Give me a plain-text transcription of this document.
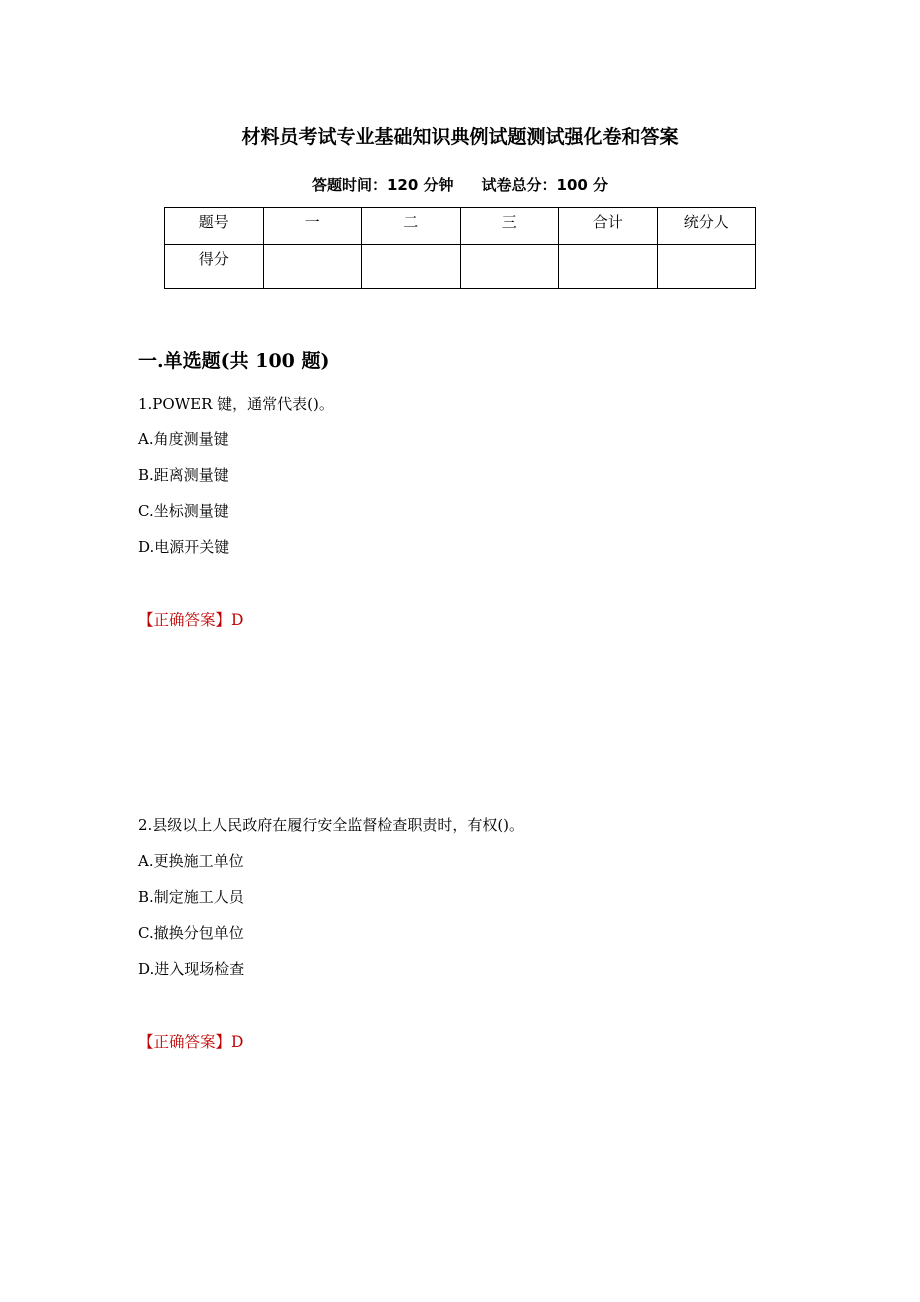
材料员考试专业基础知识典例试题测试强化卷和答案
答题时间：120 分钟 试卷总分：100 分
题号	一	二	三	合计	统分人
得分					
一.单选题(共 100 题)
1.POWER 键，通常代表()。
A.角度测量键
B.距离测量键
C.坐标测量键
D.电源开关键
【正确答案】D
2.县级以上人民政府在履行安全监督检查职责时，有权()。
A.更换施工单位
B.制定施工人员
C.撤换分包单位
D.进入现场检查
【正确答案】D
